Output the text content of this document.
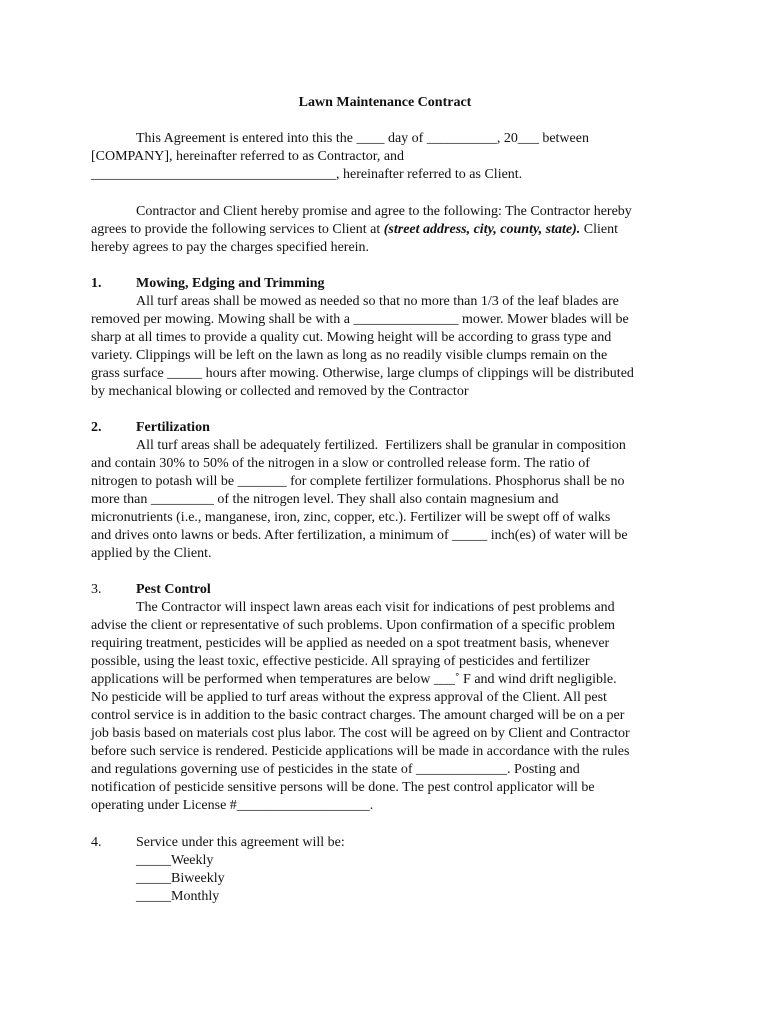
Lawn Maintenance Contract
This Agreement is entered into this the ____ day of __________, 20___ between
[COMPANY], hereinafter referred to as Contractor, and
___________________________________, hereinafter referred to as Client.
Contractor and Client hereby promise and agree to the following: The Contractor hereby
agrees to provide the following services to Client at (street address, city, county, state). Client
hereby agrees to pay the charges specified herein.
1. Mowing, Edging and Trimming
All turf areas shall be mowed as needed so that no more than 1/3 of the leaf blades are
removed per mowing. Mowing shall be with a _______________ mower. Mower blades will be
sharp at all times to provide a quality cut. Mowing height will be according to grass type and
variety. Clippings will be left on the lawn as long as no readily visible clumps remain on the
grass surface _____ hours after mowing. Otherwise, large clumps of clippings will be distributed
by mechanical blowing or collected and removed by the Contractor
2. Fertilization
All turf areas shall be adequately fertilized.  Fertilizers shall be granular in composition
and contain 30% to 50% of the nitrogen in a slow or controlled release form. The ratio of
nitrogen to potash will be _______ for complete fertilizer formulations. Phosphorus shall be no
more than _________ of the nitrogen level. They shall also contain magnesium and
micronutrients (i.e., manganese, iron, zinc, copper, etc.). Fertilizer will be swept off of walks
and drives onto lawns or beds. After fertilization, a minimum of _____ inch(es) of water will be
applied by the Client.
3. Pest Control
The Contractor will inspect lawn areas each visit for indications of pest problems and
advise the client or representative of such problems. Upon confirmation of a specific problem
requiring treatment, pesticides will be applied as needed on a spot treatment basis, whenever
possible, using the least toxic, effective pesticide. All spraying of pesticides and fertilizer
applications will be performed when temperatures are below ___˚ F and wind drift negligible.
No pesticide will be applied to turf areas without the express approval of the Client. All pest
control service is in addition to the basic contract charges. The amount charged will be on a per
job basis based on materials cost plus labor. The cost will be agreed on by Client and Contractor
before such service is rendered. Pesticide applications will be made in accordance with the rules
and regulations governing use of pesticides in the state of _____________. Posting and
notification of pesticide sensitive persons will be done. The pest control applicator will be
operating under License #___________________.
4. Service under this agreement will be:
_____Weekly
_____Biweekly
_____Monthly
